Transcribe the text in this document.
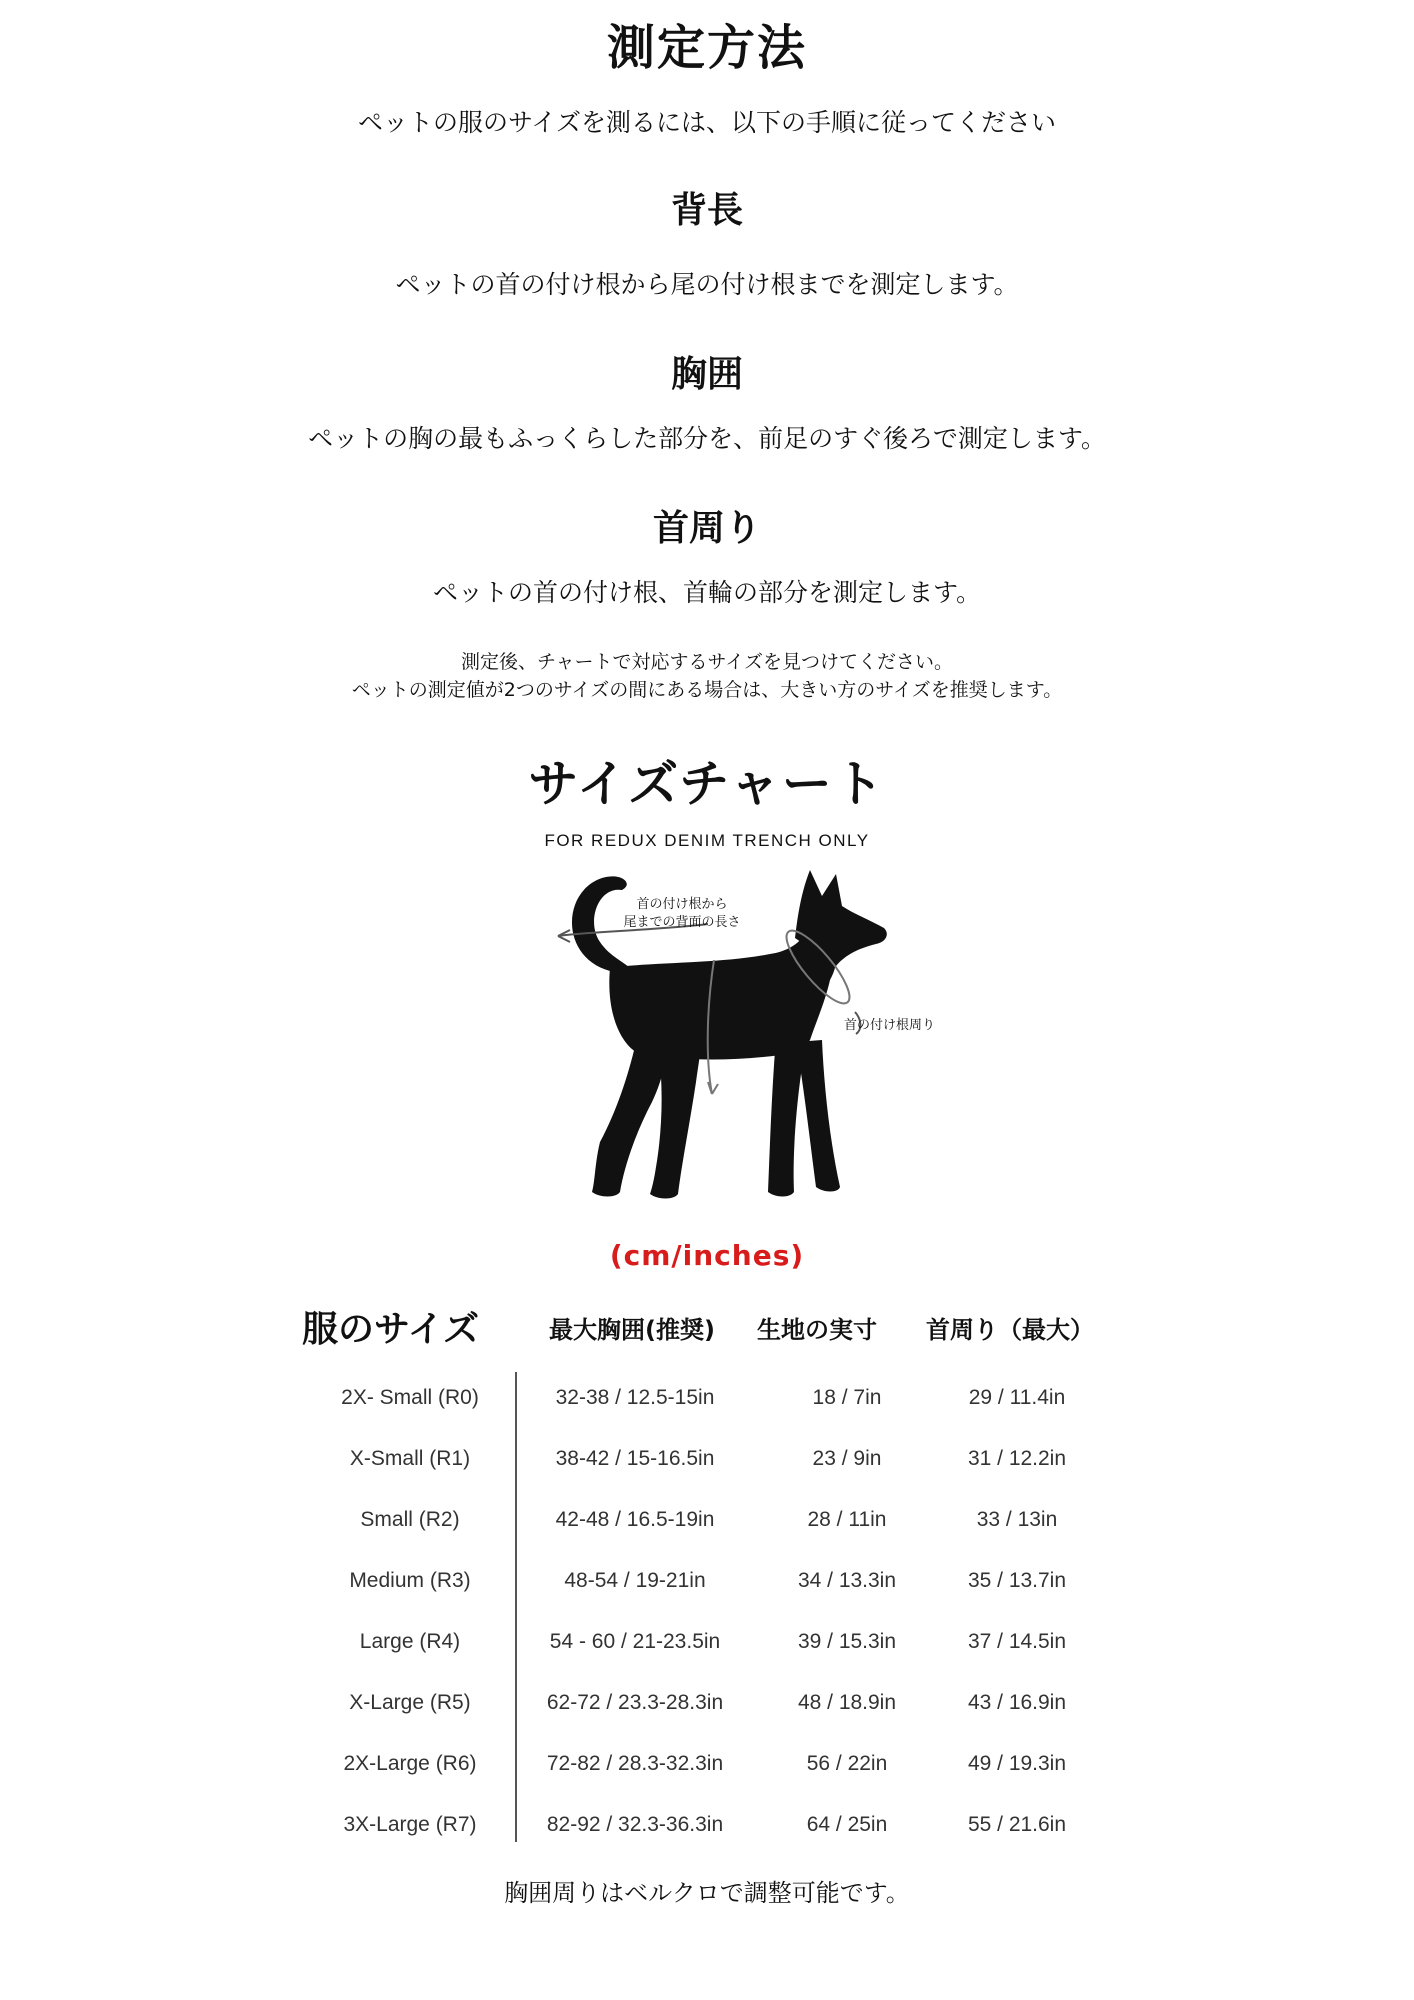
測定方法
ペットの服のサイズを測るには、以下の手順に従ってください
背長
ペットの首の付け根から尾の付け根までを測定します。
胸囲
ペットの胸の最もふっくらした部分を、前足のすぐ後ろで測定します。
首周り
ペットの首の付け根、首輪の部分を測定します。
測定後、チャートで対応するサイズを見つけてください。
ペットの測定値が2つのサイズの間にある場合は、大きい方のサイズを推奨します。
サイズチャート
FOR REDUX DENIM TRENCH ONLY
首の付け根から
尾までの背面の長さ
首の付け根周り
(cm/inches)
服のサイズ	最大胸囲(推奨)	生地の実寸	首周り（最大）
2X- Small (R0)	32-38 / 12.5-15in	18 / 7in	29 / 11.4in
X-Small (R1)	38-42 / 15-16.5in	23 / 9in	31 / 12.2in
Small (R2)	42-48 / 16.5-19in	28 / 11in	33 / 13in
Medium (R3)	48-54 / 19-21in	34 / 13.3in	35 / 13.7in
Large (R4)	54 - 60 / 21-23.5in	39 / 15.3in	37 / 14.5in
X-Large (R5)	62-72 / 23.3-28.3in	48 / 18.9in	43 / 16.9in
2X-Large (R6)	72-82 / 28.3-32.3in	56 / 22in	49 / 19.3in
3X-Large (R7)	82-92 / 32.3-36.3in	64 / 25in	55 / 21.6in
胸囲周りはベルクロで調整可能です。
